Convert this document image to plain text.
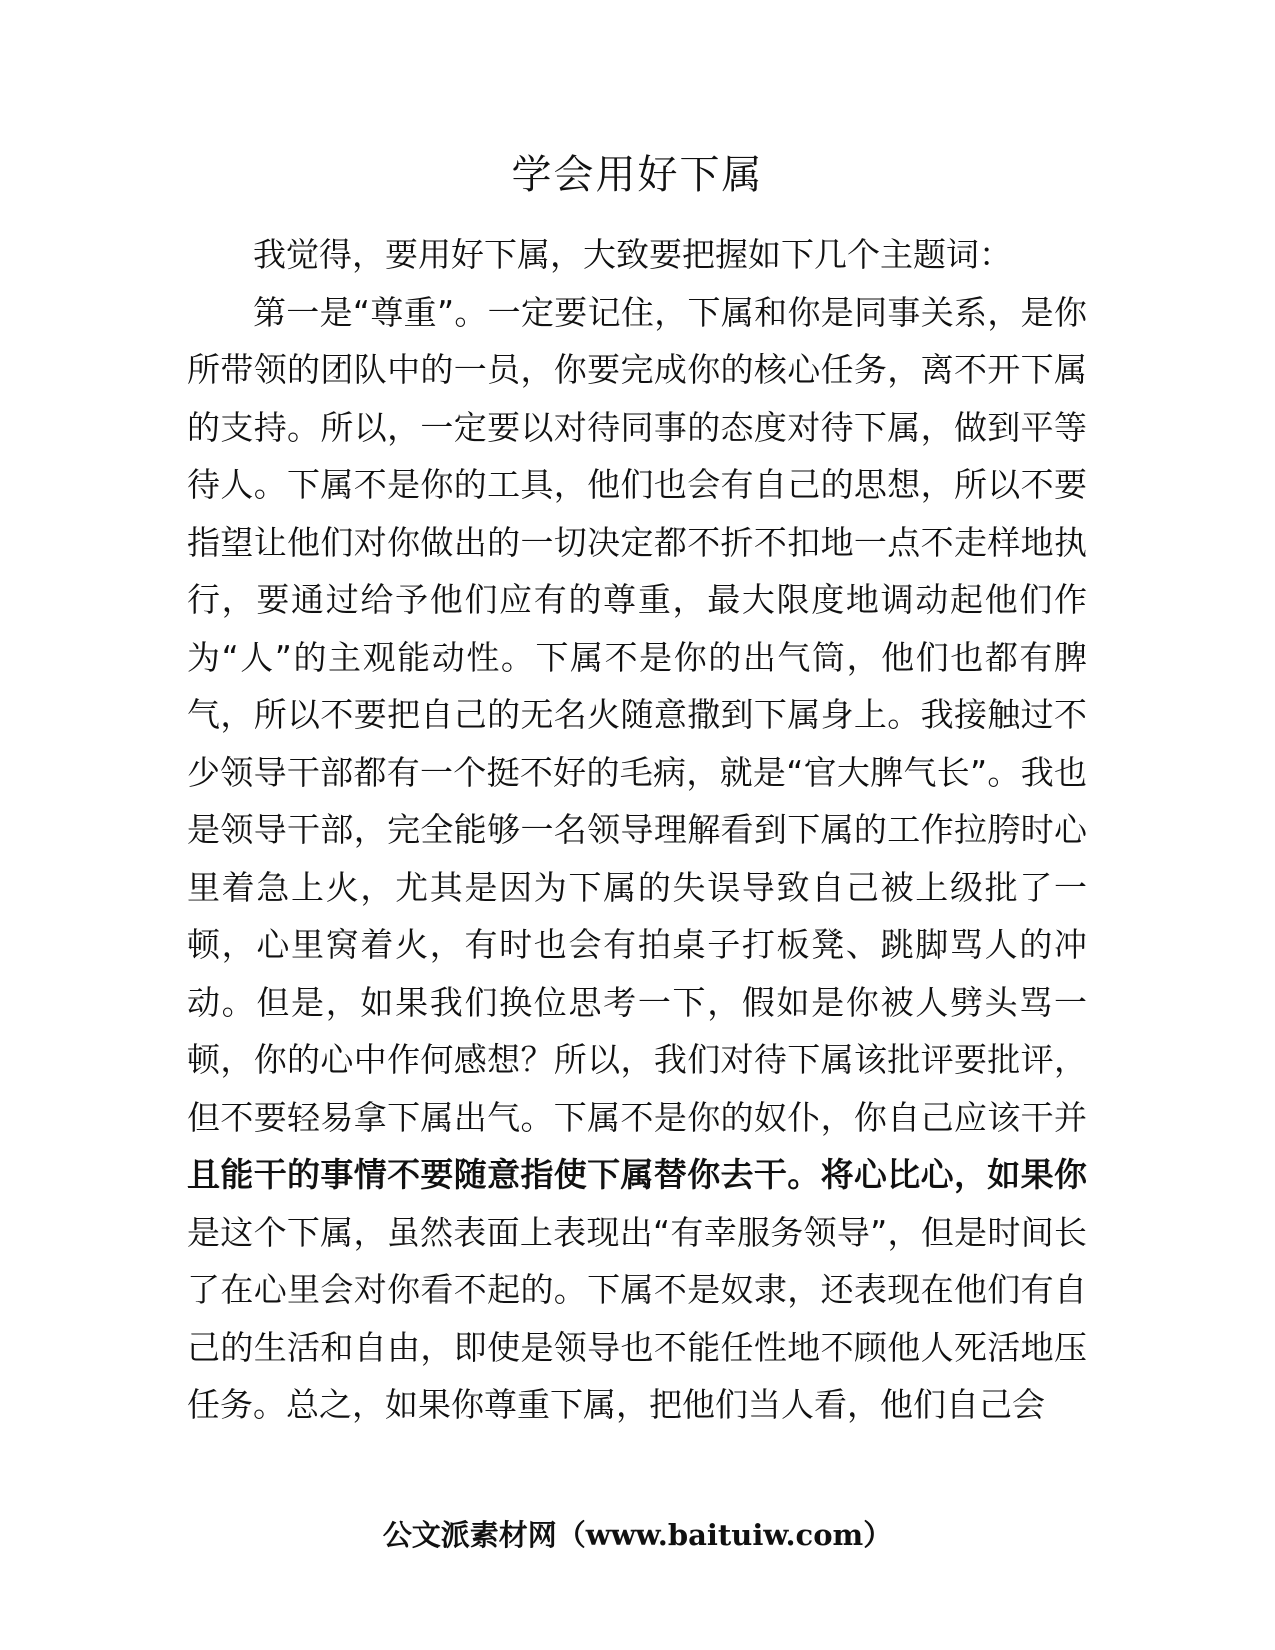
学会用好下属

我觉得，要用好下属，大致要把握如下几个主题词：

第一是“尊重”。一定要记住，下属和你是同事关系，是你所带领的团队中的一员，你要完成你的核心任务，离不开下属的支持。所以，一定要以对待同事的态度对待下属，做到平等待人。下属不是你的工具，他们也会有自己的思想，所以不要指望让他们对你做出的一切决定都不折不扣地一点不走样地执行，要通过给予他们应有的尊重，最大限度地调动起他们作为“人”的主观能动性。下属不是你的出气筒，他们也都有脾气，所以不要把自己的无名火随意撒到下属身上。我接触过不少领导干部都有一个挺不好的毛病，就是“官大脾气长”。我也是领导干部，完全能够一名领导理解看到下属的工作拉胯时心里着急上火，尤其是因为下属的失误导致自己被上级批了一顿，心里窝着火，有时也会有拍桌子打板凳、跳脚骂人的冲动。但是，如果我们换位思考一下，假如是你被人劈头骂一顿，你的心中作何感想？所以，我们对待下属该批评要批评，但不要轻易拿下属出气。下属不是你的奴仆，你自己应该干并且能干的事情不要随意指使下属替你去干。将心比心，如果你是这个下属，虽然表面上表现出“有幸服务领导”，但是时间长了在心里会对你看不起的。下属不是奴隶，还表现在他们有自己的生活和自由，即使是领导也不能任性地不顾他人死活地压任务。总之，如果你尊重下属，把他们当人看，他们自己会

公文派素材网（www.baituiw.com）
